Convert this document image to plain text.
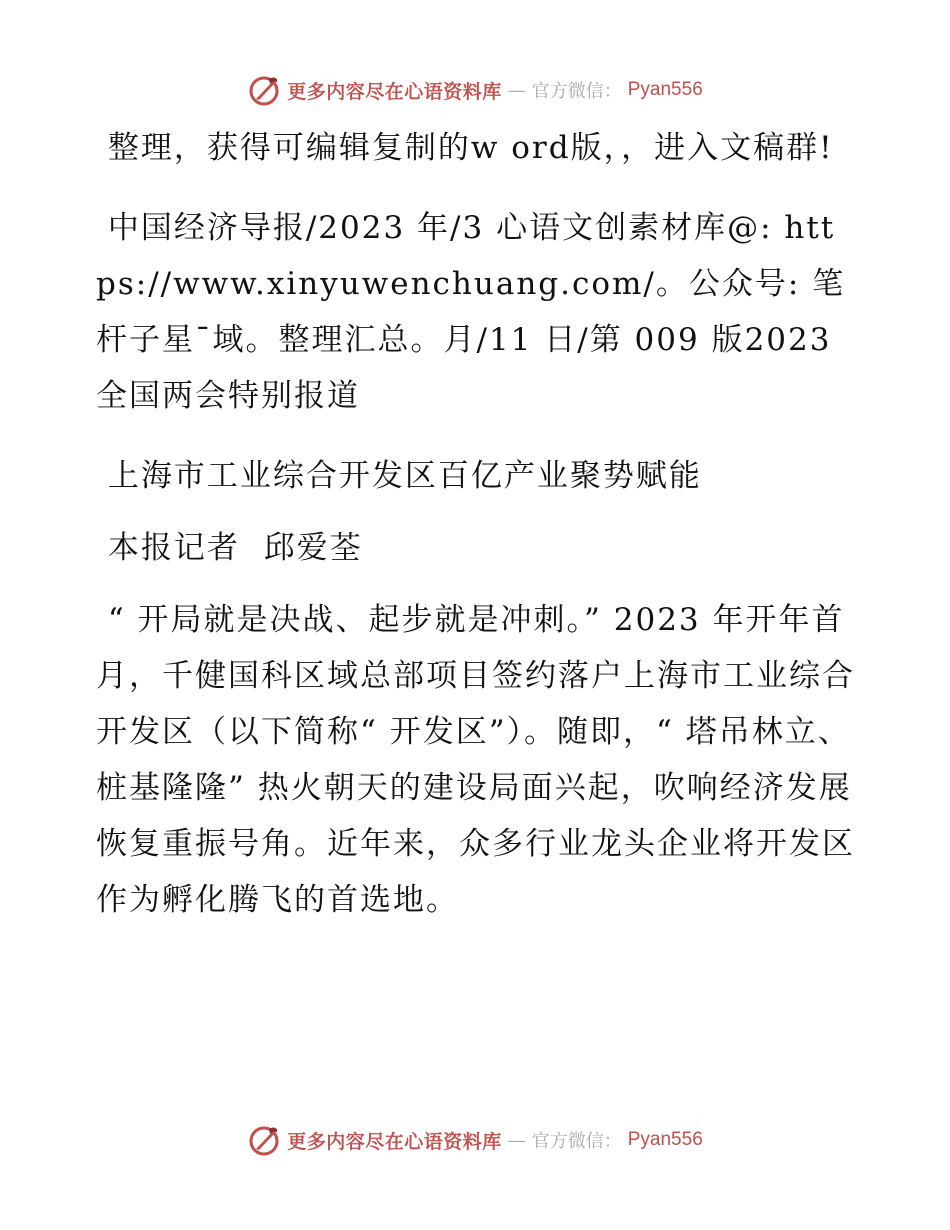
更多内容尽在心语资料库 — 官方微信： Pyan556

整理，获得可编辑复制的w ord版，，进入文稿群!

中国经济导报/2023 年/3 心语文创素材库@: https://www.xinyuwenchuang.com/。公众号: 笔杆子星¯域。整理汇总。月/11 日/第 009 版2023 全国两会特别报道

上海市工业综合开发区百亿产业聚势赋能

本报记者  邱爱荃

“ 开局就是决战、起步就是冲刺。” 2023 年开年首月，千健国科区域总部项目签约落户上海市工业综合开发区（以下简称“ 开发区”）。随即，“ 塔吊林立、桩基隆隆” 热火朝天的建设局面兴起，吹响经济发展恢复重振号角。近年来，众多行业龙头企业将开发区作为孵化腾飞的首选地。

更多内容尽在心语资料库 — 官方微信： Pyan556
